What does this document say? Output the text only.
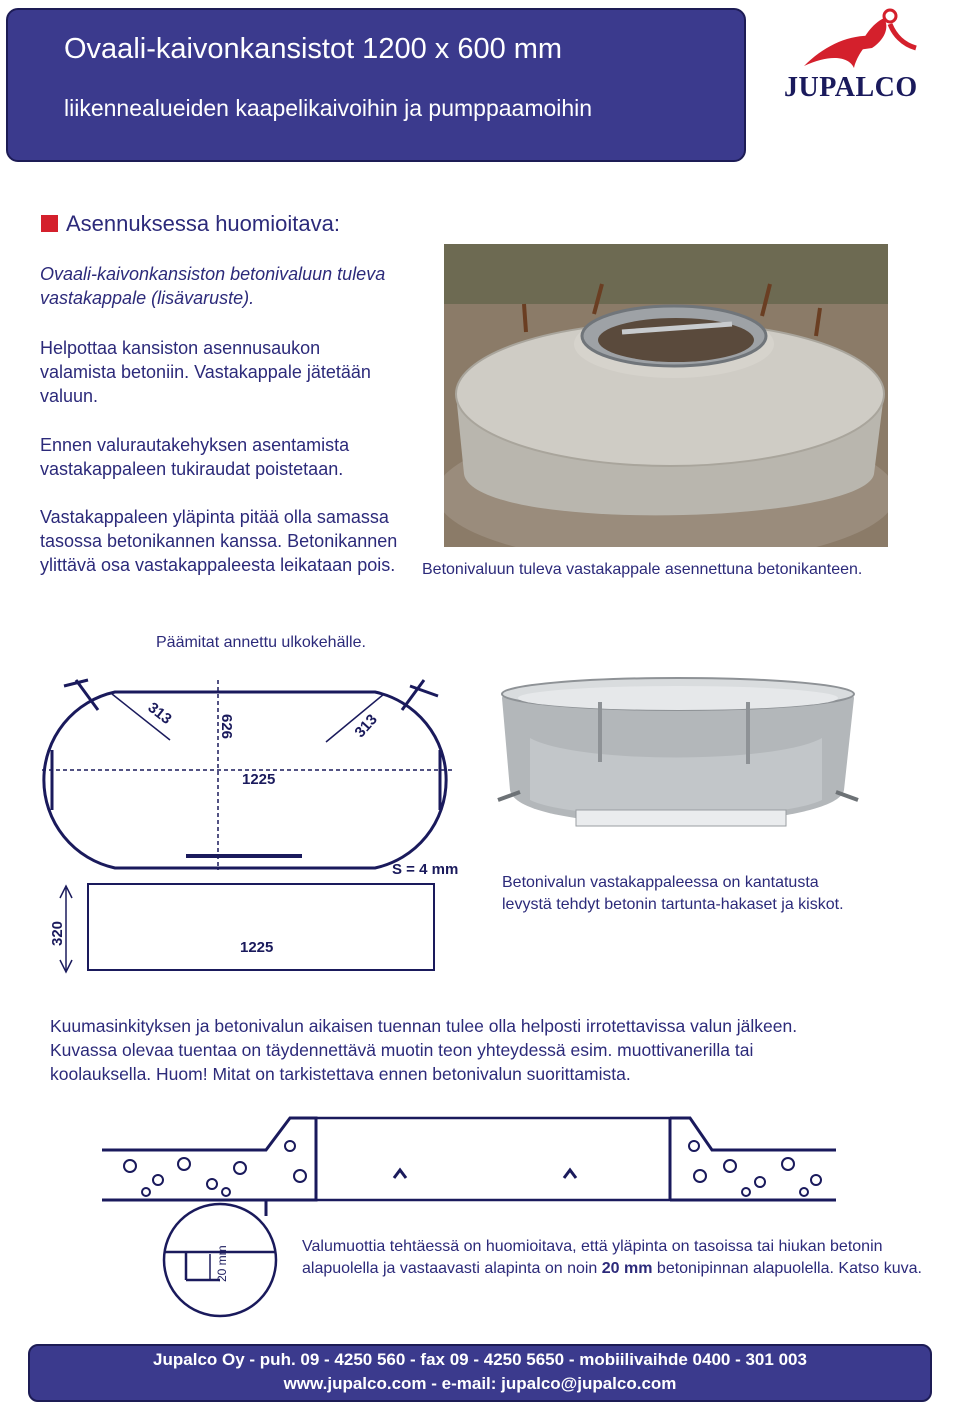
Ovaali-kaivonkansistot 1200 x 600 mm
liikennealueiden kaapelikaivoihin ja pumppaamoihin
JUPALCO
Asennuksessa huomioitava:

Ovaali-kaivonkansiston betonivaluun tuleva vastakappale (lisävaruste).

Helpottaa kansiston asennusaukon valamista betoniin. Vastakappale jätetään valuun.

Ennen valurautakehyksen asentamista vastakappaleen tukiraudat poistetaan.

Vastakappaleen yläpinta pitää olla samassa tasossa betonikannen kanssa. Betonikannen ylittävä osa vastakappaleesta leikataan pois.	Betonivaluun tuleva vastakappale asennettuna betonikanteen.
Päämitat annettu ulkokehälle.
313	626	313
1225
320
1225
S = 4 mm
Betonivalun vastakappaleessa on kantatusta
levystä tehdyt betonin tartunta-hakaset ja kiskot.
Kuumasinkityksen ja betonivalun aikaisen tuennan tulee olla helposti irrotettavissa valun jälkeen.
Kuvassa olevaa tuentaa on täydennettävä muotin teon yhteydessä esim. muottivanerilla tai
koolauksella. Huom! Mitat on tarkistettava ennen betonivalun suorittamista.
20 mm	Valumuottia tehtäessä on huomioitava, että yläpinta on tasoissa tai hiukan betonin alapuolella ja vastaavasti alapinta on noin 20 mm betonipinnan alapuolella. Katso kuva.
Jupalco Oy - puh. 09 - 4250 560 - fax 09 - 4250 5650 - mobiilivaihde 0400 - 301 003
www.jupalco.com - e-mail: jupalco@jupalco.com
